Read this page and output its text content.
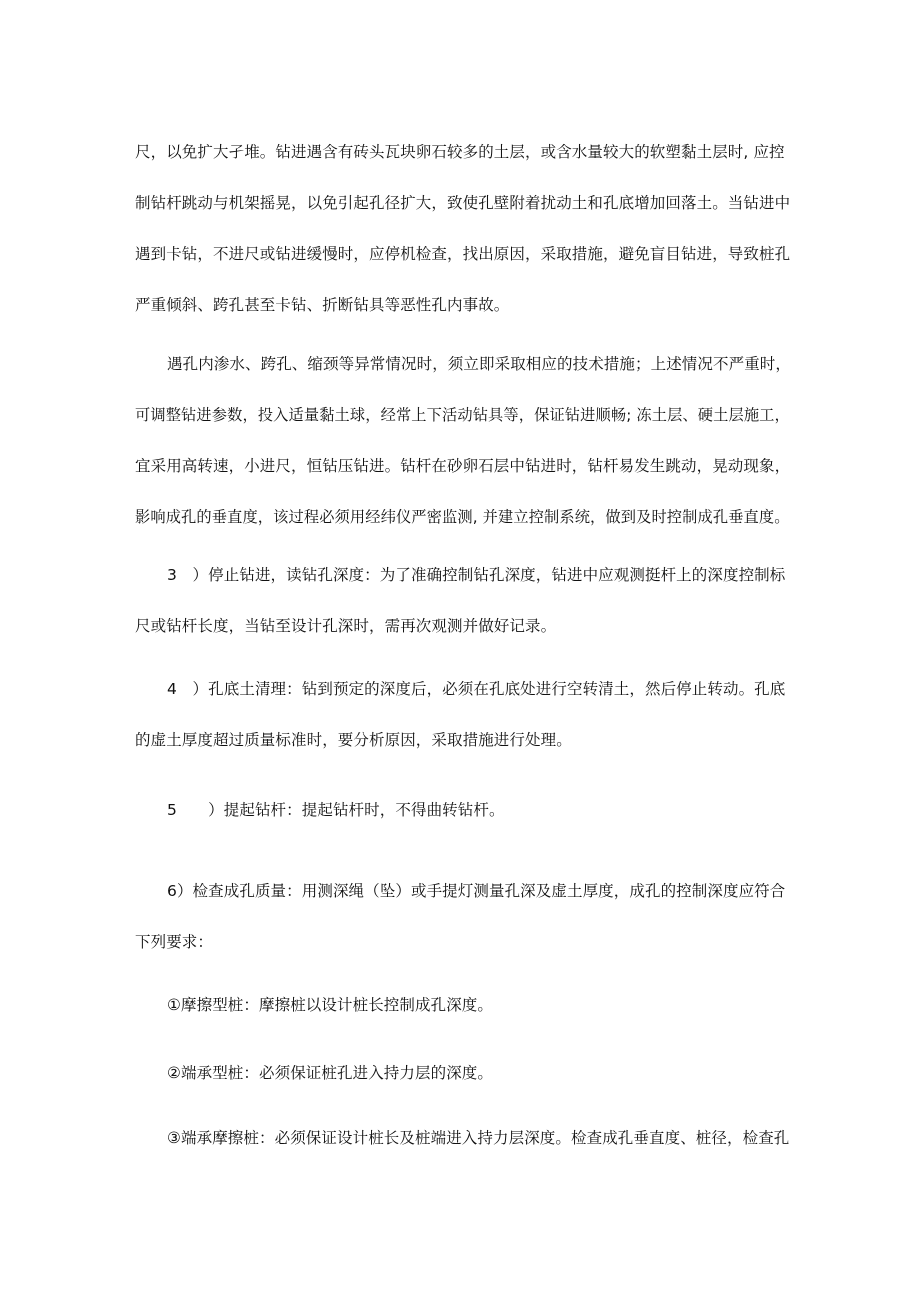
尺，以免扩大孑堆。钻进遇含有砖头瓦块卵石较多的土层，或含水量较大的软塑黏土层时, 应控
制钻杆跳动与机架摇晃，以免引起孔径扩大，致使孔壁附着扰动土和孔底增加回落土。当钻进中
遇到卡钻，不进尺或钻进缓慢时，应停机检查，找出原因，采取措施，避免盲目钻进，导致桩孔
严重倾斜、跨孔甚至卡钻、折断钻具等恶性孔内事故。
遇孔内渗水、跨孔、缩颈等异常情况时，须立即采取相应的技术措施；上述情况不严重时，
可调整钻进参数，投入适量黏土球，经常上下活动钻具等，保证钻进顺畅; 冻土层、硬土层施工，
宜采用高转速，小进尺，恒钻压钻进。钻杆在砂卵石层中钻进时，钻杆易发生跳动，晃动现象，
影响成孔的垂直度，该过程必须用经纬仪严密监测, 并建立控制系统，做到及时控制成孔垂直度。
3　）停止钻进，读钻孔深度：为了准确控制钻孔深度，钻进中应观测挺杆上的深度控制标
尺或钻杆长度，当钻至设计孔深时，需再次观测并做好记录。
4　）孔底土清理：钻到预定的深度后，必须在孔底处进行空转清土，然后停止转动。孔底
的虚土厚度超过质量标准时，要分析原因，采取措施进行处理。
5　　）提起钻杆：提起钻杆时，不得曲转钻杆。
6）检查成孔质量：用测深绳（坠）或手提灯测量孔深及虚土厚度，成孔的控制深度应符合
下列要求：
①摩擦型桩：摩擦桩以设计桩长控制成孔深度。
②端承型桩：必须保证桩孔进入持力层的深度。
③端承摩擦桩：必须保证设计桩长及桩端进入持力层深度。检查成孔垂直度、桩径，检查孔
